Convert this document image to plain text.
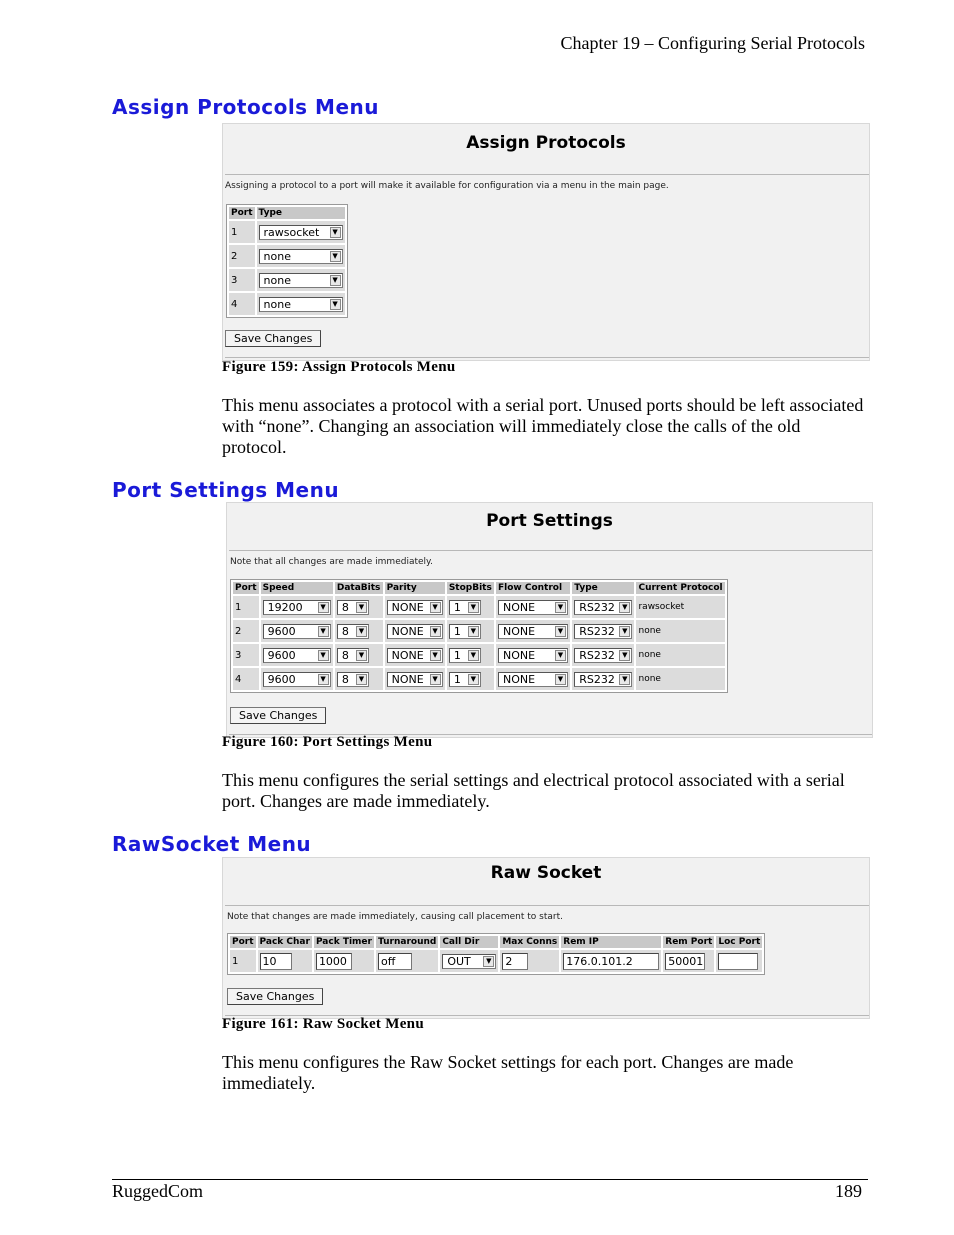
Chapter 19 – Configuring Serial Protocols
Assign Protocols Menu
Assign Protocols
Assigning a protocol to a port will make it available for configuration via a menu in the main page.
Port	Type
1	rawsocket ▼

2	none ▼

3	none ▼

4	none ▼
Save Changes
Figure 159: Assign Protocols Menu
This menu associates a protocol with a serial port. Unused ports should be left associated with “none”. Changing an association will immediately close the calls of the old protocol.
Port Settings Menu
Port Settings
Note that all changes are made immediately.
Port	Speed	DataBits	Parity	StopBits	Flow Control	Type	Current Protocol
1	19200 ▼	8 ▼	NONE ▼	1 ▼	NONE ▼	RS232 ▼	rawsocket
2	9600 ▼	8 ▼	NONE ▼	1 ▼	NONE ▼	RS232 ▼	none
3	9600 ▼	8 ▼	NONE ▼	1 ▼	NONE ▼	RS232 ▼	none
4	9600 ▼	8 ▼	NONE ▼	1 ▼	NONE ▼	RS232 ▼	none
Save Changes
Figure 160: Port Settings Menu
This menu configures the serial settings and electrical protocol associated with a serial port. Changes are made immediately.
RawSocket Menu
Raw Socket
Note that changes are made immediately, causing call placement to start.
Port	Pack Char	Pack Timer	Turnaround	Call Dir	Max Conns	Rem IP	Rem Port	Loc Port
1	10	1000	off	OUT ▼	2	176.0.101.2	50001	
Save Changes
Figure 161: Raw Socket Menu
This menu configures the Raw Socket settings for each port. Changes are made immediately.
RuggedCom	189
